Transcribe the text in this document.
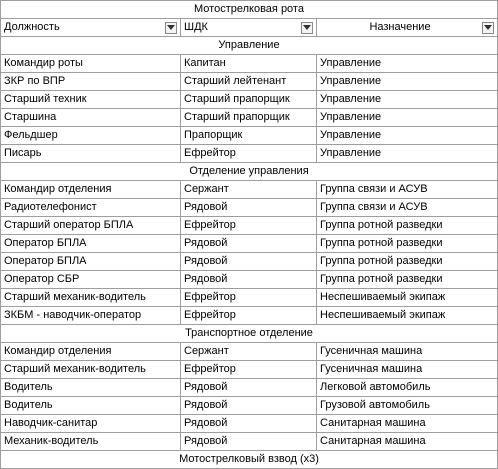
Мотострелковая рота		

Должность	ШДК	Назначение

Управление		
Командир роты	Капитан	Управление
ЗКР по ВПР	Старший лейтенант	Управление
Старший техник	Старший прапорщик	Управление
Старшина	Старший прапорщик	Управление
Фельдшер	Прапорщик	Управление
Писарь	Ефрейтор	Управление
Отделение управления		
Командир отделения	Сержант	Группа связи и АСУВ
Радиотелефонист	Рядовой	Группа связи и АСУВ
Старший оператор БПЛА	Ефрейтор	Группа ротной разведки
Оператор БПЛА	Рядовой	Группа ротной разведки
Оператор БПЛА	Рядовой	Группа ротной разведки
Оператор СБР	Рядовой	Группа ротной разведки
Старший механик-водитель	Ефрейтор	Неспешиваемый экипаж
ЗКБМ - наводчик-оператор	Ефрейтор	Неспешиваемый экипаж
Транспортное отделение		
Командир отделения	Сержант	Гусеничная машина
Старший механик-водитель	Ефрейтор	Гусеничная машина
Водитель	Рядовой	Легковой автомобиль
Водитель	Рядовой	Грузовой автомобиль
Наводчик-санитар	Рядовой	Санитарная машина
Механик-водитель	Рядовой	Санитарная машина
Мотострелковый взвод (x3)		
